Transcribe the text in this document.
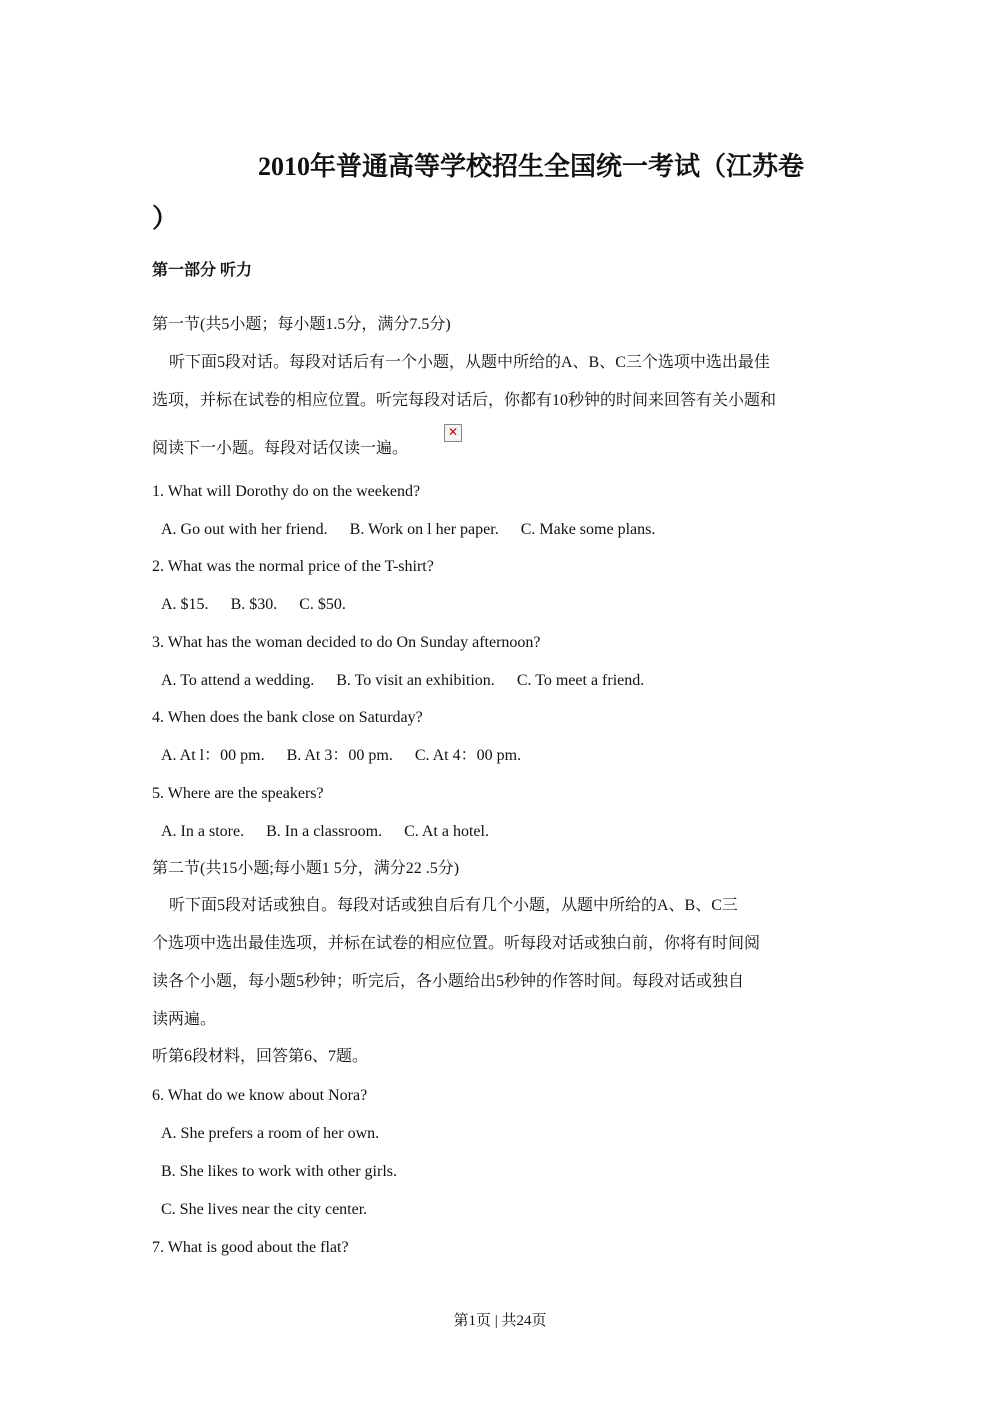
2010年普通高等学校招生全国统一考试（江苏卷
）
第一部分 听力
第一节(共5小题；每小题1.5分，满分7.5分)
听下面5段对话。每段对话后有一个小题，从题中所给的A、B、C三个选项中选出最佳
选项，并标在试卷的相应位置。听完每段对话后，你都有10秒钟的时间来回答有关小题和
阅读下一小题。每段对话仅读一遍。
✕
1. What will Dorothy do on the weekend?
A. Go out with her friend. B. Work on l her paper. C. Make some plans.
2. What was the normal price of the T-shirt?
A. $15. B. $30. C. $50.
3. What has the woman decided to do On Sunday afternoon?
A. To attend a wedding. B. To visit an exhibition. C. To meet a friend.
4. When does the bank close on Saturday?
A. At l：00 pm. B. At 3：00 pm. C. At 4：00 pm.
5. Where are the speakers?
A. In a store. B. In a classroom. C. At a hotel.
第二节(共15小题;每小题1 5分，满分22 .5分)
听下面5段对话或独自。每段对话或独自后有几个小题，从题中所给的A、B、C三
个选项中选出最佳选项，并标在试卷的相应位置。听每段对话或独白前，你将有时间阅
读各个小题，每小题5秒钟；听完后，各小题给出5秒钟的作答时间。每段对话或独自
读两遍。
听第6段材料，回答第6、7题。
6. What do we know about Nora?
A. She prefers a room of her own.
B. She likes to work with other girls.
C. She lives near the city center.
7. What is good about the flat?
第1页 | 共24页
